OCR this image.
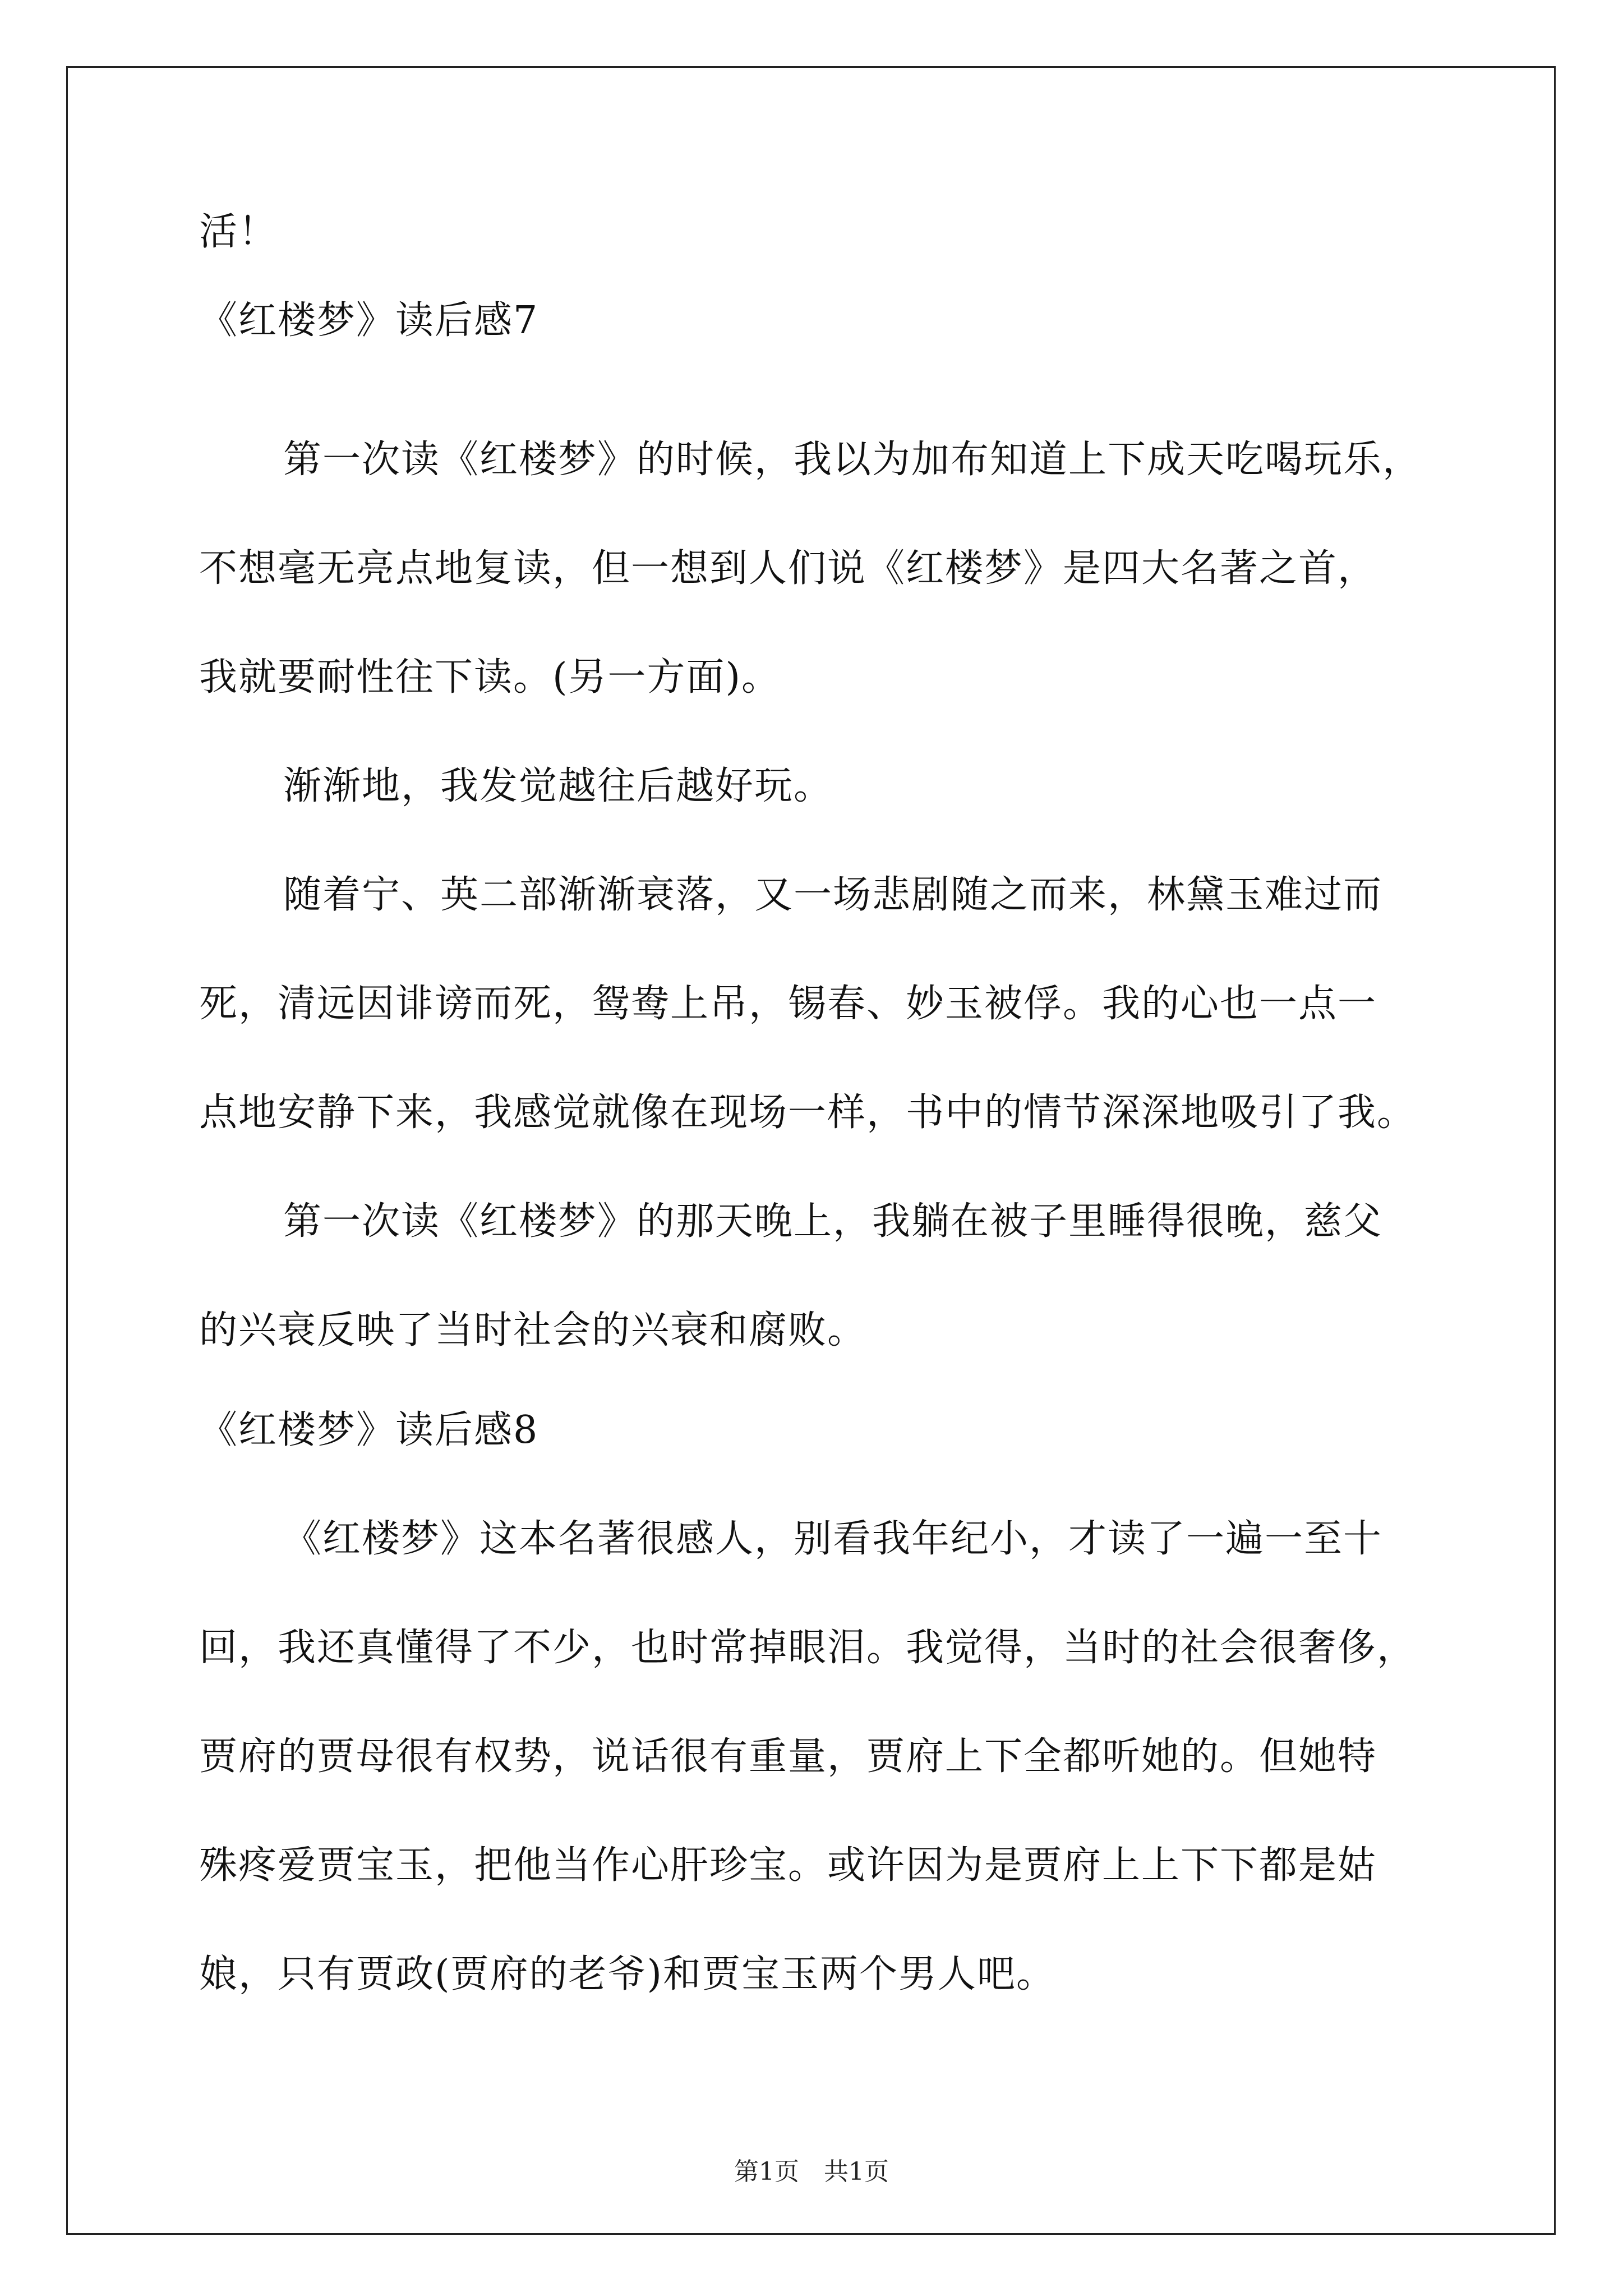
活！
《红楼梦》读后感7
第一次读《红楼梦》的时候，我以为加布知道上下成天吃喝玩乐，
不想毫无亮点地复读，但一想到人们说《红楼梦》是四大名著之首，
我就要耐性往下读。(另一方面)。
渐渐地，我发觉越往后越好玩。
随着宁、英二部渐渐衰落，又一场悲剧随之而来，林黛玉难过而
死，清远因诽谤而死，鸳鸯上吊，锡春、妙玉被俘。我的心也一点一
点地安静下来，我感觉就像在现场一样，书中的情节深深地吸引了我。
第一次读《红楼梦》的那天晚上，我躺在被子里睡得很晚，慈父
的兴衰反映了当时社会的兴衰和腐败。
《红楼梦》读后感8
《红楼梦》这本名著很感人，别看我年纪小，才读了一遍一至十
回，我还真懂得了不少，也时常掉眼泪。我觉得，当时的社会很奢侈，
贾府的贾母很有权势，说话很有重量，贾府上下全都听她的。但她特
殊疼爱贾宝玉，把他当作心肝珍宝。或许因为是贾府上上下下都是姑
娘，只有贾政(贾府的老爷)和贾宝玉两个男人吧。
第1页　共1页
